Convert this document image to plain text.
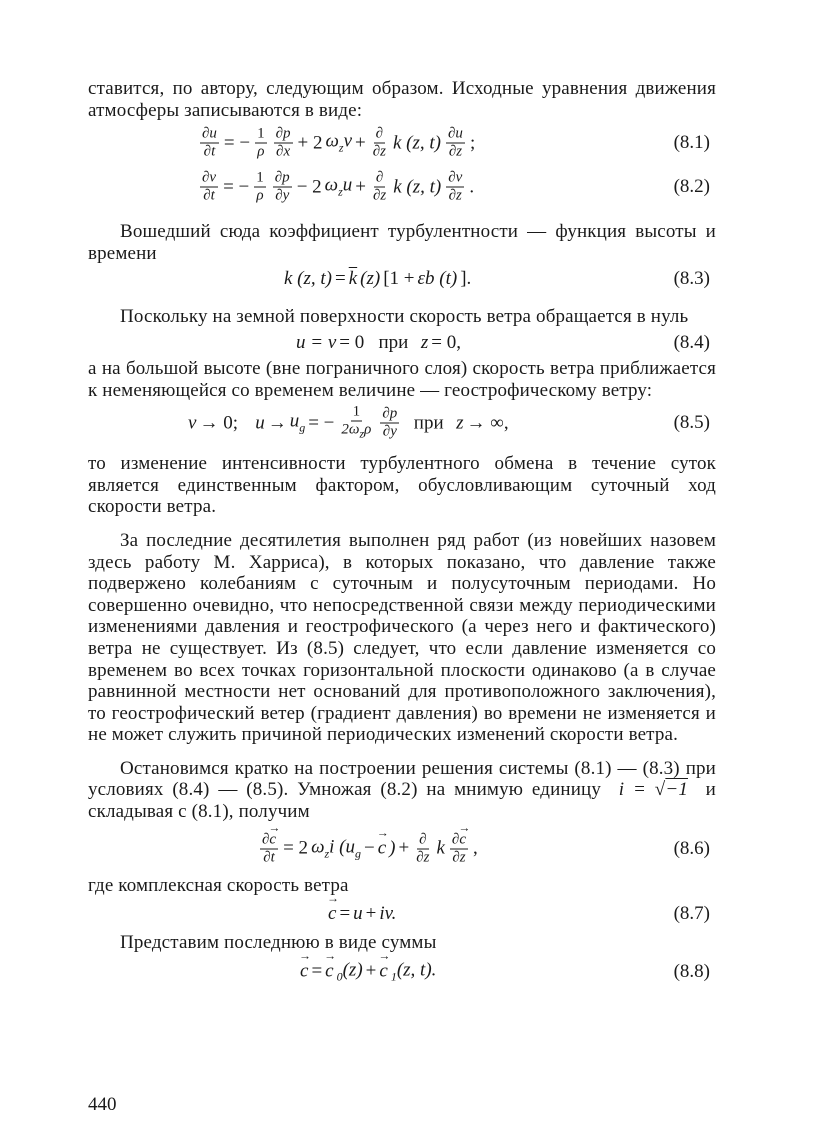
ставится, по автору, следующим образом. Исходные уравнения движения атмосферы записываются в виде:

$\frac{\partial u}{\partial t}$ = − $\frac{1}{\rho} \frac{\partial p}{\partial x} + 2$ $\omega_zv + \frac{\partial}{\partial z}$ k (z, $t) \frac{\partial u}{\partial z}$ ;	(8.1)
$\frac{\partial v}{\partial t}$ = − $\frac{1}{\rho} \frac{\partial p}{\partial y} - 2$ $\omega_zu + \frac{\partial}{\partial z}$ k (z, $t) \frac{\partial v}{\partial z}$ .	(8.2)

Вошедший сюда коэффициент турбулентности — функция высоты и времени

k (z, $t) = \overline{k}$ (z) [1 + εb (t) ].	(8.3)

Поскольку на земной поверхности скорость ветра обращается в нуль

u = v = 0   при z = 0,	(8.4)

а на большой высоте (вне пограничного слоя) скорость ветра приближается к неменяющейся со временем величине — геострофическому ветру:

v → 0; $u \to u_g$ = − $\frac{1}{2\omega_z\rho} \frac{\partial p}{\partial y}$ при z → ∞,	(8.5)

то изменение интенсивности турбулентного обмена в течение суток является единственным фактором, обусловливающим суточный ход скорости ветра.

За последние десятилетия выполнен ряд работ (из новейших назовем здесь работу М. Харриса), в которых показано, что давление также подвержено колебаниям с суточным и полусуточным периодами. Но совершенно очевидно, что непосредственной связи между периодическими изменениями давления и геострофического (а через него и фактического) ветра не существует. Из (8.5) следует, что если давление изменяется со временем во всех точках горизонтальной плоскости одинаково (а в случае равнинной местности нет оснований для противоположного заключения), то геострофический ветер (градиент давления) во времени не изменяется и не может служить причиной периодических изменений скорости ветра.

Остановимся кратко на построении решения системы (8.1) — (8.3) при условиях (8.4) — (8.5). Умножая (8.2) на мнимую единицу  i = √−1 и складывая с (8.1), получим

$\frac{\partial\to c}{\partial t} = 2$ $\omega_zi$ ($u_g$ − → c ) + $\frac{\partial}{\partial z}$ k $\frac{\partial\to c}{\partial z}$ ,	(8.6)

где комплексная скорость ветра

→ c = u + iv.	(8.7)

Представим последнюю в виде суммы

→ c = → c $_0$(z) + → c $_1$(z, t).	(8.8)
440
